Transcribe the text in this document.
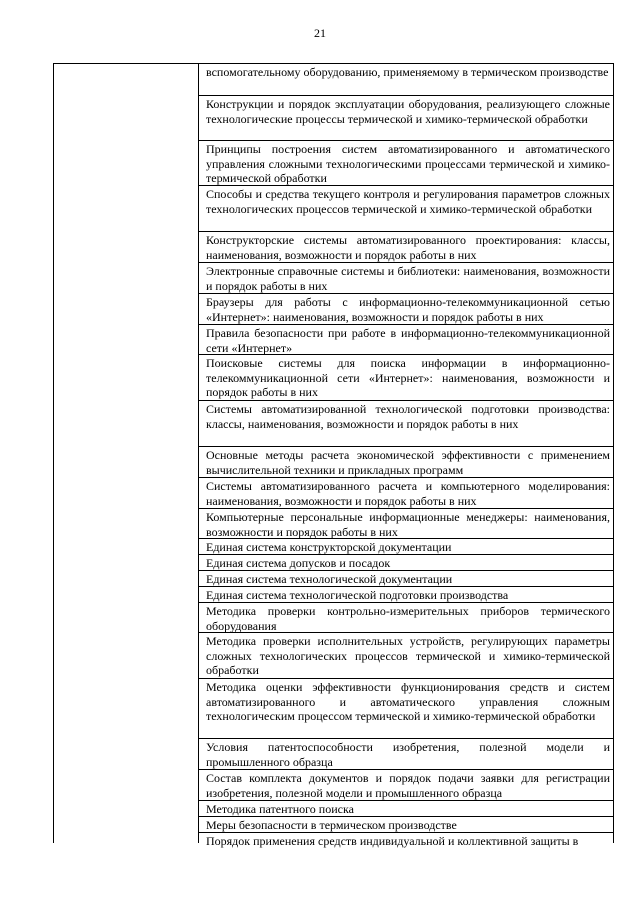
21
вспомогательному оборудованию, применяемому в термическом производстве
Конструкции и порядок эксплуатации оборудования, реализующего сложные технологические процессы термической и химико-термической обработки
Принципы построения систем автоматизированного и автоматического управления сложными технологическими процессами термической и химико-термической обработки
Способы и средства текущего контроля и регулирования параметров сложных технологических процессов термической и химико-термической обработки
Конструкторские системы автоматизированного проектирования: классы, наименования, возможности и порядок работы в них
Электронные справочные системы и библиотеки: наименования, возможности и порядок работы в них
Браузеры для работы с информационно-телекоммуникационной сетью «Интернет»: наименования, возможности и порядок работы в них
Правила безопасности при работе в информационно-телекоммуникационной сети «Интернет»
Поисковые системы для поиска информации в информационно-телекоммуникационной сети «Интернет»: наименования, возможности и порядок работы в них
Системы автоматизированной технологической подготовки производства: классы, наименования, возможности и порядок работы в них
Основные методы расчета экономической эффективности с применением вычислительной техники и прикладных программ
Системы автоматизированного расчета и компьютерного моделирования: наименования, возможности и порядок работы в них
Компьютерные персональные информационные менеджеры: наименования, возможности и порядок работы в них
Единая система конструкторской документации
Единая система допусков и посадок
Единая система технологической документации
Единая система технологической подготовки производства
Методика проверки контрольно-измерительных приборов термического оборудования
Методика проверки исполнительных устройств, регулирующих параметры сложных технологических процессов термической и химико-термической обработки
Методика оценки эффективности функционирования средств и систем автоматизированного и автоматического управления сложным технологическим процессом термической и химико-термической обработки
Условия патентоспособности изобретения, полезной модели и промышленного образца
Состав комплекта документов и порядок подачи заявки для регистрации изобретения, полезной модели и промышленного образца
Методика патентного поиска
Меры безопасности в термическом производстве
Порядок применения средств индивидуальной и коллективной защиты в
